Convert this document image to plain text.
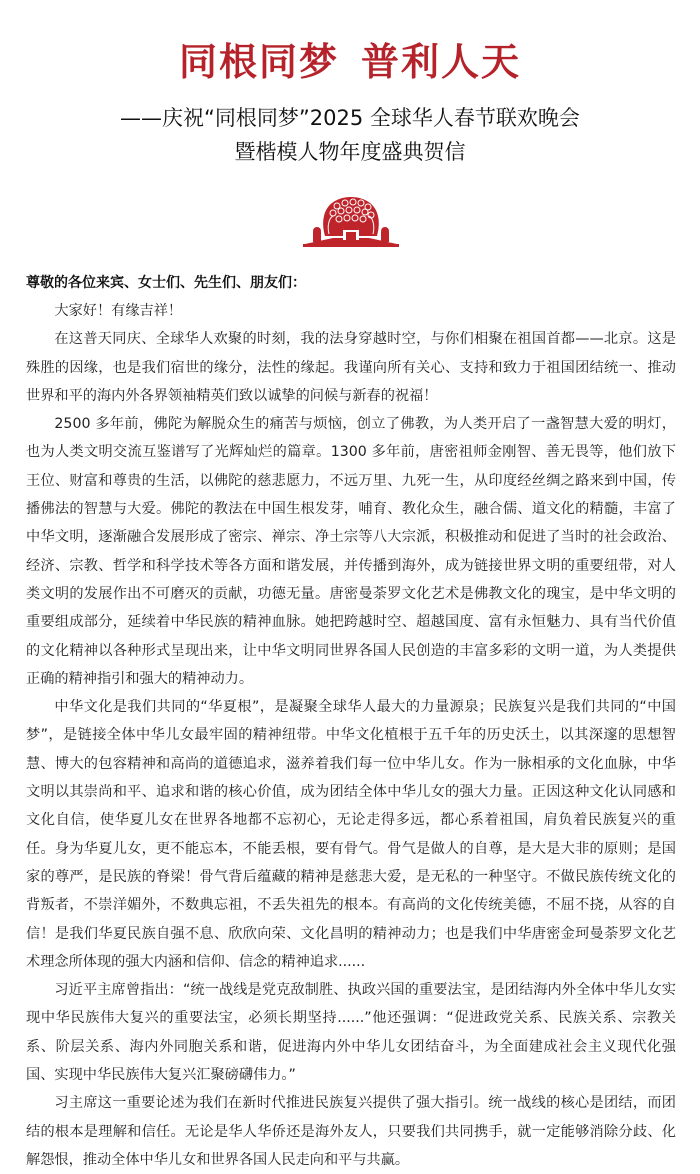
同根同梦 普利人天
——庆祝“同根同梦”2025 全球华人春节联欢晚会
暨楷模人物年度盛典贺信
尊敬的各位来宾、女士们、先生们、朋友们：

大家好！有缘吉祥！

在这普天同庆、全球华人欢聚的时刻，我的法身穿越时空，与你们相聚在祖国首都——北京。这是殊胜的因缘，也是我们宿世的缘分，法性的缘起。我谨向所有关心、支持和致力于祖国团结统一、推动世界和平的海内外各界领袖精英们致以诚挚的问候与新春的祝福！

2500 多年前，佛陀为解脱众生的痛苦与烦恼，创立了佛教，为人类开启了一盏智慧大爱的明灯，也为人类文明交流互鉴谱写了光辉灿烂的篇章。1300 多年前，唐密祖师金刚智、善无畏等，他们放下王位、财富和尊贵的生活，以佛陀的慈悲愿力，不远万里、九死一生，从印度经丝绸之路来到中国，传播佛法的智慧与大爱。佛陀的教法在中国生根发芽，哺育、教化众生，融合儒、道文化的精髓，丰富了中华文明，逐渐融合发展形成了密宗、禅宗、净土宗等八大宗派，积极推动和促进了当时的社会政治、经济、宗教、哲学和科学技术等各方面和谐发展，并传播到海外，成为链接世界文明的重要纽带，对人类文明的发展作出不可磨灭的贡献，功德无量。唐密曼荼罗文化艺术是佛教文化的瑰宝，是中华文明的重要组成部分，延续着中华民族的精神血脉。她把跨越时空、超越国度、富有永恒魅力、具有当代价值的文化精神以各种形式呈现出来，让中华文明同世界各国人民创造的丰富多彩的文明一道，为人类提供正确的精神指引和强大的精神动力。

中华文化是我们共同的“华夏根”，是凝聚全球华人最大的力量源泉；民族复兴是我们共同的“中国梦”，是链接全体中华儿女最牢固的精神纽带。中华文化植根于五千年的历史沃土，以其深邃的思想智慧、博大的包容精神和高尚的道德追求，滋养着我们每一位中华儿女。作为一脉相承的文化血脉，中华文明以其崇尚和平、追求和谐的核心价值，成为团结全体中华儿女的强大力量。正因这种文化认同感和文化自信，使华夏儿女在世界各地都不忘初心，无论走得多远，都心系着祖国，肩负着民族复兴的重任。身为华夏儿女，更不能忘本，不能丢根，要有骨气。骨气是做人的自尊，是大是大非的原则；是国家的尊严，是民族的脊梁！骨气背后蕴藏的精神是慈悲大爱，是无私的一种坚守。不做民族传统文化的背叛者，不崇洋媚外，不数典忘祖，不丢失祖先的根本。有高尚的文化传统美德，不屈不挠，从容的自信！是我们华夏民族自强不息、欣欣向荣、文化昌明的精神动力；也是我们中华唐密金珂曼荼罗文化艺术理念所体现的强大内涵和信仰、信念的精神追求......

习近平主席曾指出：“统一战线是党克敌制胜、执政兴国的重要法宝，是团结海内外全体中华儿女实现中华民族伟大复兴的重要法宝，必须长期坚持......”他还强调：“促进政党关系、民族关系、宗教关系、阶层关系、海内外同胞关系和谐，促进海内外中华儿女团结奋斗，为全面建成社会主义现代化强国、实现中华民族伟大复兴汇聚磅礴伟力。”

习主席这一重要论述为我们在新时代推进民族复兴提供了强大指引。统一战线的核心是团结，而团结的根本是理解和信任。无论是华人华侨还是海外友人，只要我们共同携手，就一定能够消除分歧、化解怨恨，推动全体中华儿女和世界各国人民走向和平与共赢。
